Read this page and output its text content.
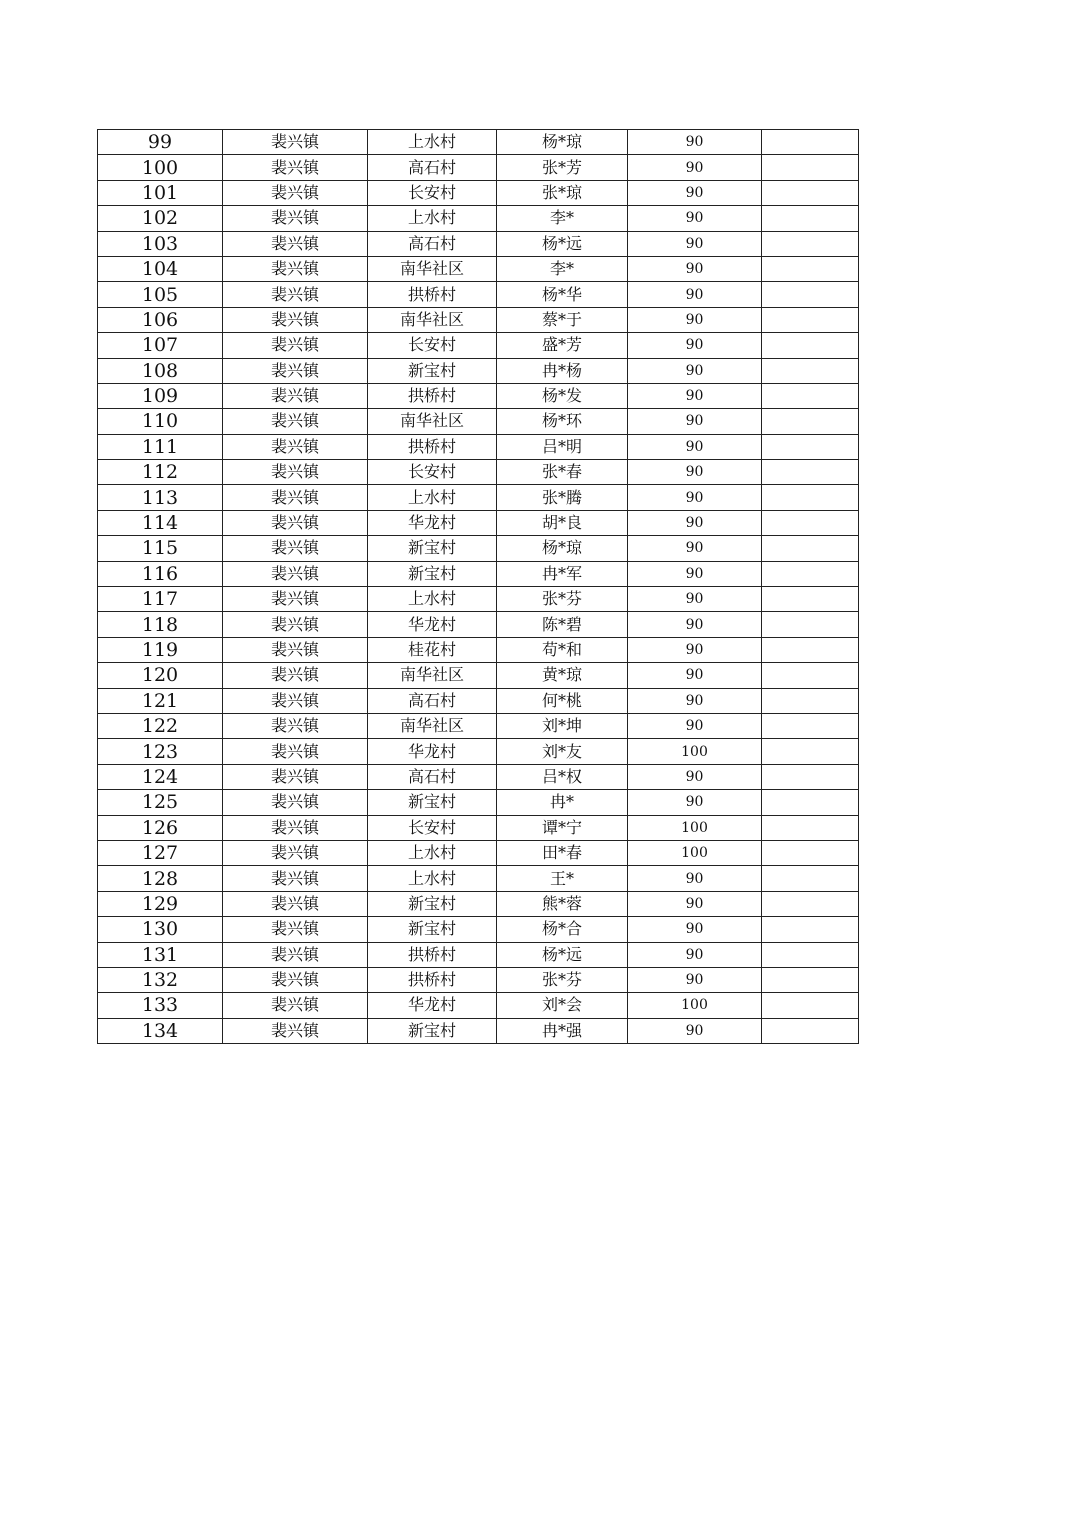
99	裴兴镇	上水村	杨*琼	90	
100	裴兴镇	高石村	张*芳	90	
101	裴兴镇	长安村	张*琼	90	
102	裴兴镇	上水村	李*	90	
103	裴兴镇	高石村	杨*远	90	
104	裴兴镇	南华社区	李*	90	
105	裴兴镇	拱桥村	杨*华	90	
106	裴兴镇	南华社区	蔡*于	90	
107	裴兴镇	长安村	盛*芳	90	
108	裴兴镇	新宝村	冉*杨	90	
109	裴兴镇	拱桥村	杨*发	90	
110	裴兴镇	南华社区	杨*环	90	
111	裴兴镇	拱桥村	吕*明	90	
112	裴兴镇	长安村	张*春	90	
113	裴兴镇	上水村	张*腾	90	
114	裴兴镇	华龙村	胡*良	90	
115	裴兴镇	新宝村	杨*琼	90	
116	裴兴镇	新宝村	冉*军	90	
117	裴兴镇	上水村	张*芬	90	
118	裴兴镇	华龙村	陈*碧	90	
119	裴兴镇	桂花村	苟*和	90	
120	裴兴镇	南华社区	黄*琼	90	
121	裴兴镇	高石村	何*桃	90	
122	裴兴镇	南华社区	刘*坤	90	
123	裴兴镇	华龙村	刘*友	100	
124	裴兴镇	高石村	吕*权	90	
125	裴兴镇	新宝村	冉*	90	
126	裴兴镇	长安村	谭*宁	100	
127	裴兴镇	上水村	田*春	100	
128	裴兴镇	上水村	王*	90	
129	裴兴镇	新宝村	熊*蓉	90	
130	裴兴镇	新宝村	杨*合	90	
131	裴兴镇	拱桥村	杨*远	90	
132	裴兴镇	拱桥村	张*芬	90	
133	裴兴镇	华龙村	刘*会	100	
134	裴兴镇	新宝村	冉*强	90	
